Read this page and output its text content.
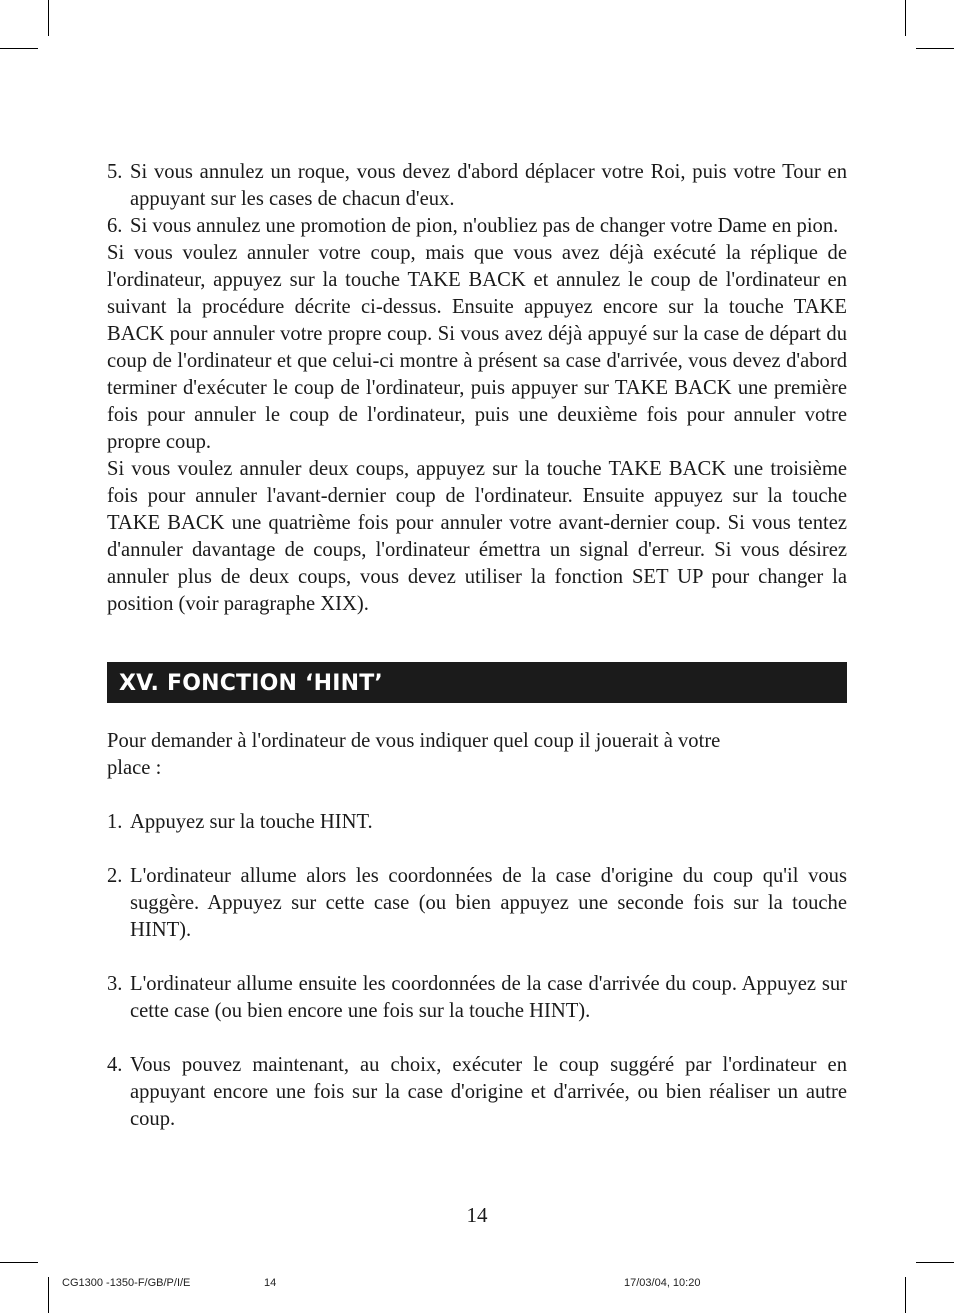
5. Si vous annulez un roque, vous devez d'abord déplacer votre Roi, puis votre Tour en appuyant sur les cases de chacun d'eux.
6. Si vous annulez une promotion de pion, n'oubliez pas de changer votre Dame en pion.

Si vous voulez annuler votre coup, mais que vous avez déjà exécuté la réplique de l'ordinateur, appuyez sur la touche TAKE BACK et annulez le coup de l'ordinateur en suivant la procédure décrite ci-dessus. Ensuite appuyez encore sur la touche TAKE BACK pour annuler votre propre coup. Si vous avez déjà appuyé sur la case de départ du coup de l'ordinateur et que celui-ci montre à présent sa case d'arrivée, vous devez d'abord terminer d'exécuter le coup de l'ordinateur, puis appuyer sur TAKE BACK une première fois pour annuler le coup de l'ordinateur, puis une deuxième fois pour annuler votre propre coup.

Si vous voulez annuler deux coups, appuyez sur la touche TAKE BACK une troisième fois pour annuler l'avant-dernier coup de l'ordinateur. Ensuite appuyez sur la touche TAKE BACK une quatrième fois pour annuler votre avant-dernier coup. Si vous tentez d'annuler davantage de coups, l'ordinateur émettra un signal d'erreur. Si vous désirez annuler plus de deux coups, vous devez utiliser la fonction SET UP pour changer la position (voir paragraphe XIX).

XV. FONCTION ‘HINT’

Pour demander à l'ordinateur de vous indiquer quel coup il jouerait à votre
place :

1. Appuyez sur la touche HINT.
2. L'ordinateur allume alors les coordonnées de la case d'origine du coup qu'il vous suggère. Appuyez sur cette case (ou bien appuyez une seconde fois sur la touche HINT).
3. L'ordinateur allume ensuite les coordonnées de la case d'arrivée du coup. Appuyez sur cette case (ou bien encore une fois sur la touche HINT).
4. Vous pouvez maintenant, au choix, exécuter le coup suggéré par l'ordinateur en appuyant encore une fois sur la case d'origine et d'arrivée, ou bien réaliser un autre coup.
14
CG1300 -1350-F/GB/P/I/E	14	17/03/04, 10:20
